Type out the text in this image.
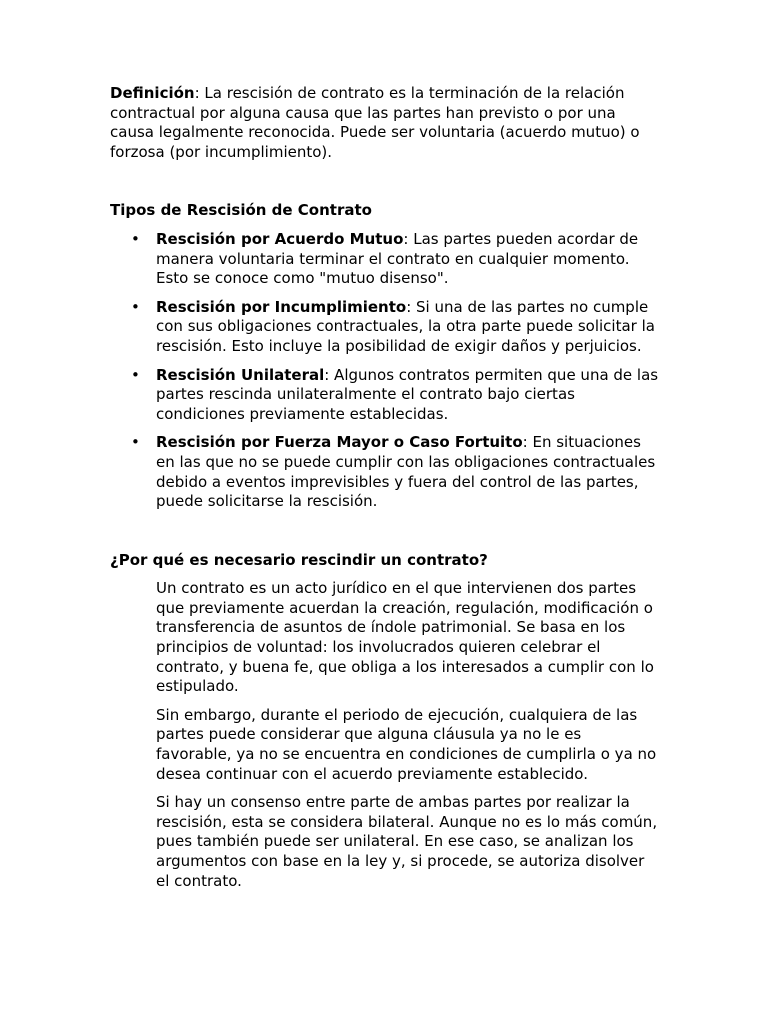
Definición: La rescisión de contrato es la terminación de la relación contractual por alguna causa que las partes han previsto o por una causa legalmente reconocida. Puede ser voluntaria (acuerdo mutuo) o forzosa (por incumplimiento).

Tipos de Rescisión de Contrato

• Rescisión por Acuerdo Mutuo: Las partes pueden acordar de manera voluntaria terminar el contrato en cualquier momento. Esto se conoce como "mutuo disenso".
• Rescisión por Incumplimiento: Si una de las partes no cumple con sus obligaciones contractuales, la otra parte puede solicitar la rescisión. Esto incluye la posibilidad de exigir daños y perjuicios.
• Rescisión Unilateral: Algunos contratos permiten que una de las partes rescinda unilateralmente el contrato bajo ciertas condiciones previamente establecidas.
• Rescisión por Fuerza Mayor o Caso Fortuito: En situaciones en las que no se puede cumplir con las obligaciones contractuales debido a eventos imprevisibles y fuera del control de las partes, puede solicitarse la rescisión.

¿Por qué es necesario rescindir un contrato?

Un contrato es un acto jurídico en el que intervienen dos partes que previamente acuerdan la creación, regulación, modificación o transferencia de asuntos de índole patrimonial. Se basa en los principios de voluntad: los involucrados quieren celebrar el contrato, y buena fe, que obliga a los interesados a cumplir con lo estipulado.

Sin embargo, durante el periodo de ejecución, cualquiera de las partes puede considerar que alguna cláusula ya no le es favorable, ya no se encuentra en condiciones de cumplirla o ya no desea continuar con el acuerdo previamente establecido.

Si hay un consenso entre parte de ambas partes por realizar la rescisión, esta se considera bilateral. Aunque no es lo más común, pues también puede ser unilateral. En ese caso, se analizan los argumentos con base en la ley y, si procede, se autoriza disolver el contrato.
